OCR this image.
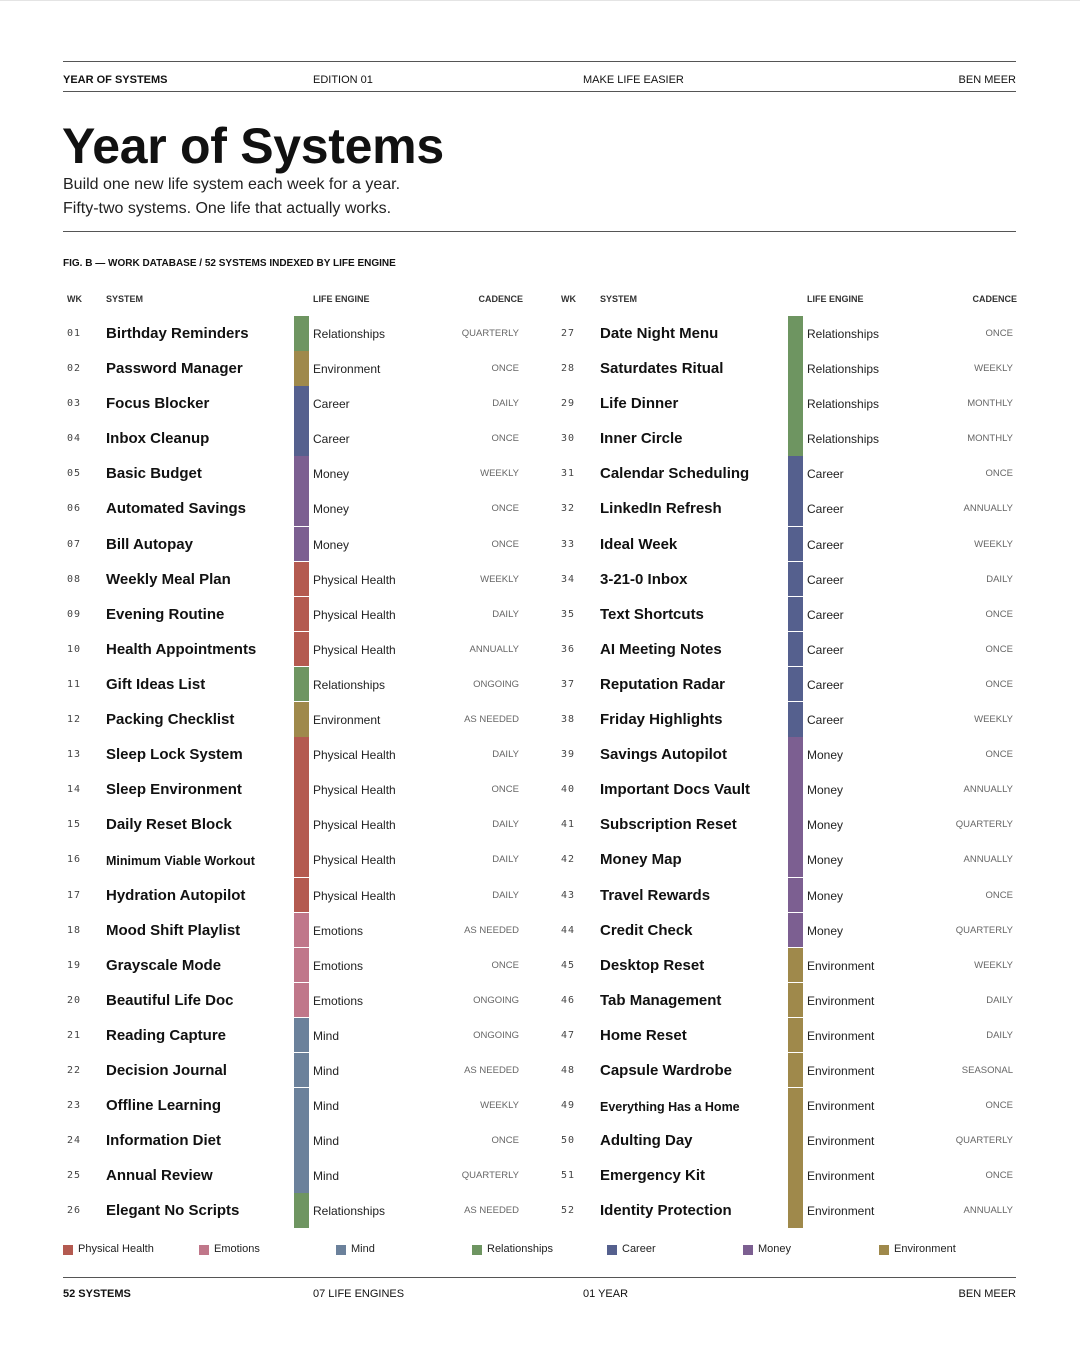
YEAR OF SYSTEMS	EDITION 01	MAKE LIFE EASIER	BEN MEER
Year of Systems
Build one new life system each week for a year.
Fifty-two systems. One life that actually works.
FIG. B — WORK DATABASE / 52 SYSTEMS INDEXED BY LIFE ENGINE
WK	SYSTEM	LIFE ENGINE	CADENCE
01 Birthday Reminders	Relationships	QUARTERLY
02 Password Manager	Environment	ONCE
03 Focus Blocker	Career	DAILY
04 Inbox Cleanup	Career	ONCE
05 Basic Budget	Money	WEEKLY
06 Automated Savings	Money	ONCE
07 Bill Autopay	Money	ONCE
08 Weekly Meal Plan	Physical Health	WEEKLY
09 Evening Routine	Physical Health	DAILY
10 Health Appointments	Physical Health	ANNUALLY
11 Gift Ideas List	Relationships	ONGOING
12 Packing Checklist	Environment	AS NEEDED
13 Sleep Lock System	Physical Health	DAILY
14 Sleep Environment	Physical Health	ONCE
15 Daily Reset Block	Physical Health	DAILY
16 Minimum Viable Workout	Physical Health	DAILY
17 Hydration Autopilot	Physical Health	DAILY
18 Mood Shift Playlist	Emotions	AS NEEDED
19 Grayscale Mode	Emotions	ONCE
20 Beautiful Life Doc	Emotions	ONGOING
21 Reading Capture	Mind	ONGOING
22 Decision Journal	Mind	AS NEEDED
23 Offline Learning	Mind	WEEKLY
24 Information Diet	Mind	ONCE
25 Annual Review	Mind	QUARTERLY
26 Elegant No Scripts	Relationships	AS NEEDED
WK	SYSTEM	LIFE ENGINE	CADENCE
27 Date Night Menu	Relationships	ONCE
28 Saturdates Ritual	Relationships	WEEKLY
29 Life Dinner	Relationships	MONTHLY
30 Inner Circle	Relationships	MONTHLY
31 Calendar Scheduling	Career	ONCE
32 LinkedIn Refresh	Career	ANNUALLY
33 Ideal Week	Career	WEEKLY
34 3-21-0 Inbox	Career	DAILY
35 Text Shortcuts	Career	ONCE
36 AI Meeting Notes	Career	ONCE
37 Reputation Radar	Career	ONCE
38 Friday Highlights	Career	WEEKLY
39 Savings Autopilot	Money	ONCE
40 Important Docs Vault	Money	ANNUALLY
41 Subscription Reset	Money	QUARTERLY
42 Money Map	Money	ANNUALLY
43 Travel Rewards	Money	ONCE
44 Credit Check	Money	QUARTERLY
45 Desktop Reset	Environment	WEEKLY
46 Tab Management	Environment	DAILY
47 Home Reset	Environment	DAILY
48 Capsule Wardrobe	Environment	SEASONAL
49 Everything Has a Home	Environment	ONCE
50 Adulting Day	Environment	QUARTERLY
51 Emergency Kit	Environment	ONCE
52 Identity Protection	Environment	ANNUALLY
Physical Health	Emotions	Mind	Relationships	Career	Money	Environment
52 SYSTEMS	07 LIFE ENGINES	01 YEAR	BEN MEER
